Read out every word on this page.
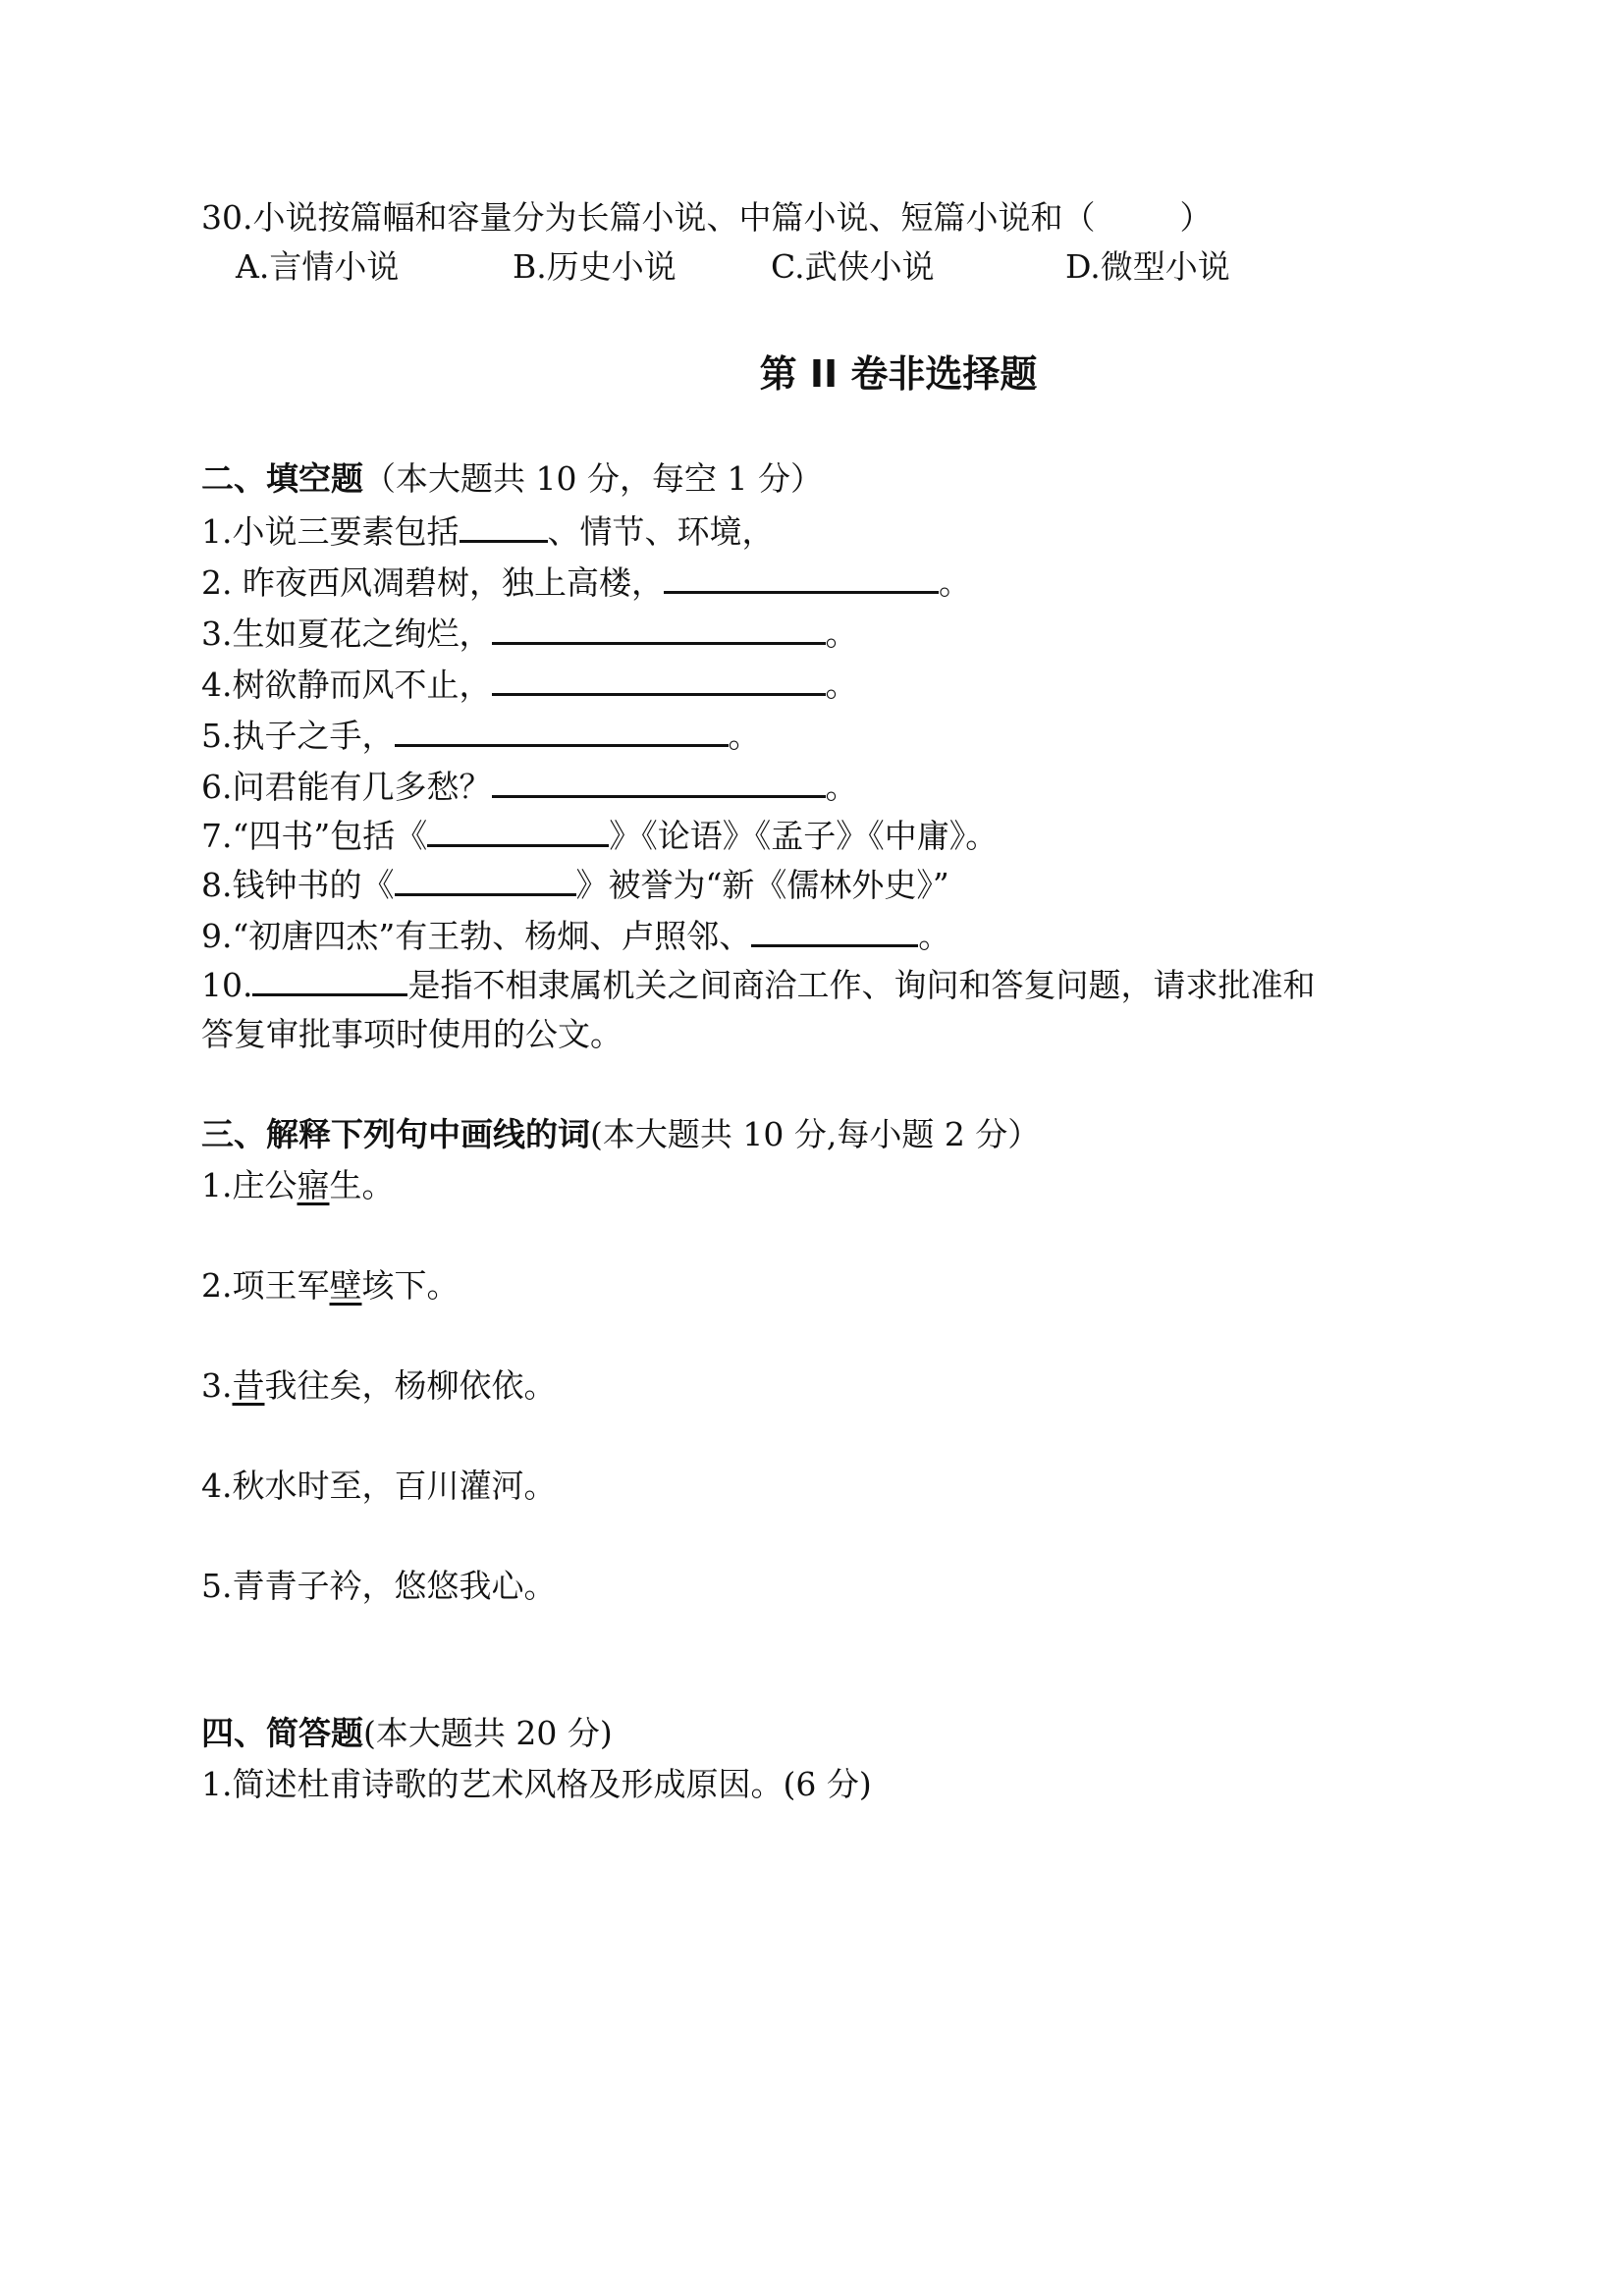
30.小说按篇幅和容量分为长篇小说、中篇小说、短篇小说和（	）
A.言情小说	B.历史小说	C.武侠小说	D.微型小说
第 II 卷非选择题
二、填空题（本大题共 10 分，每空 1 分）
1.小说三要素包括	、情节、环境，
2. 昨夜西风凋碧树，独上高楼，	。
3.生如夏花之绚烂，	。
4.树欲静而风不止，	。
5.执子之手，	。
6.问君能有几多愁？	。
7.“四书”包括《	》《论语》《孟子》《中庸》。
8.钱钟书的《	》被誉为“新《儒林外史》”
9.“初唐四杰”有王勃、杨炯、卢照邻、	。
10.	是指不相隶属机关之间商洽工作、询问和答复问题，请求批准和
答复审批事项时使用的公文。
三、解释下列句中画线的词(本大题共 10 分,每小题 2 分）
1.庄公寤生。
2.项王军壁垓下。
3.昔我往矣，杨柳依依。
4.秋水时至，百川灌河。
5.青青子衿，悠悠我心。
四、简答题(本大题共 20 分)
1.简述杜甫诗歌的艺术风格及形成原因。(6 分)
